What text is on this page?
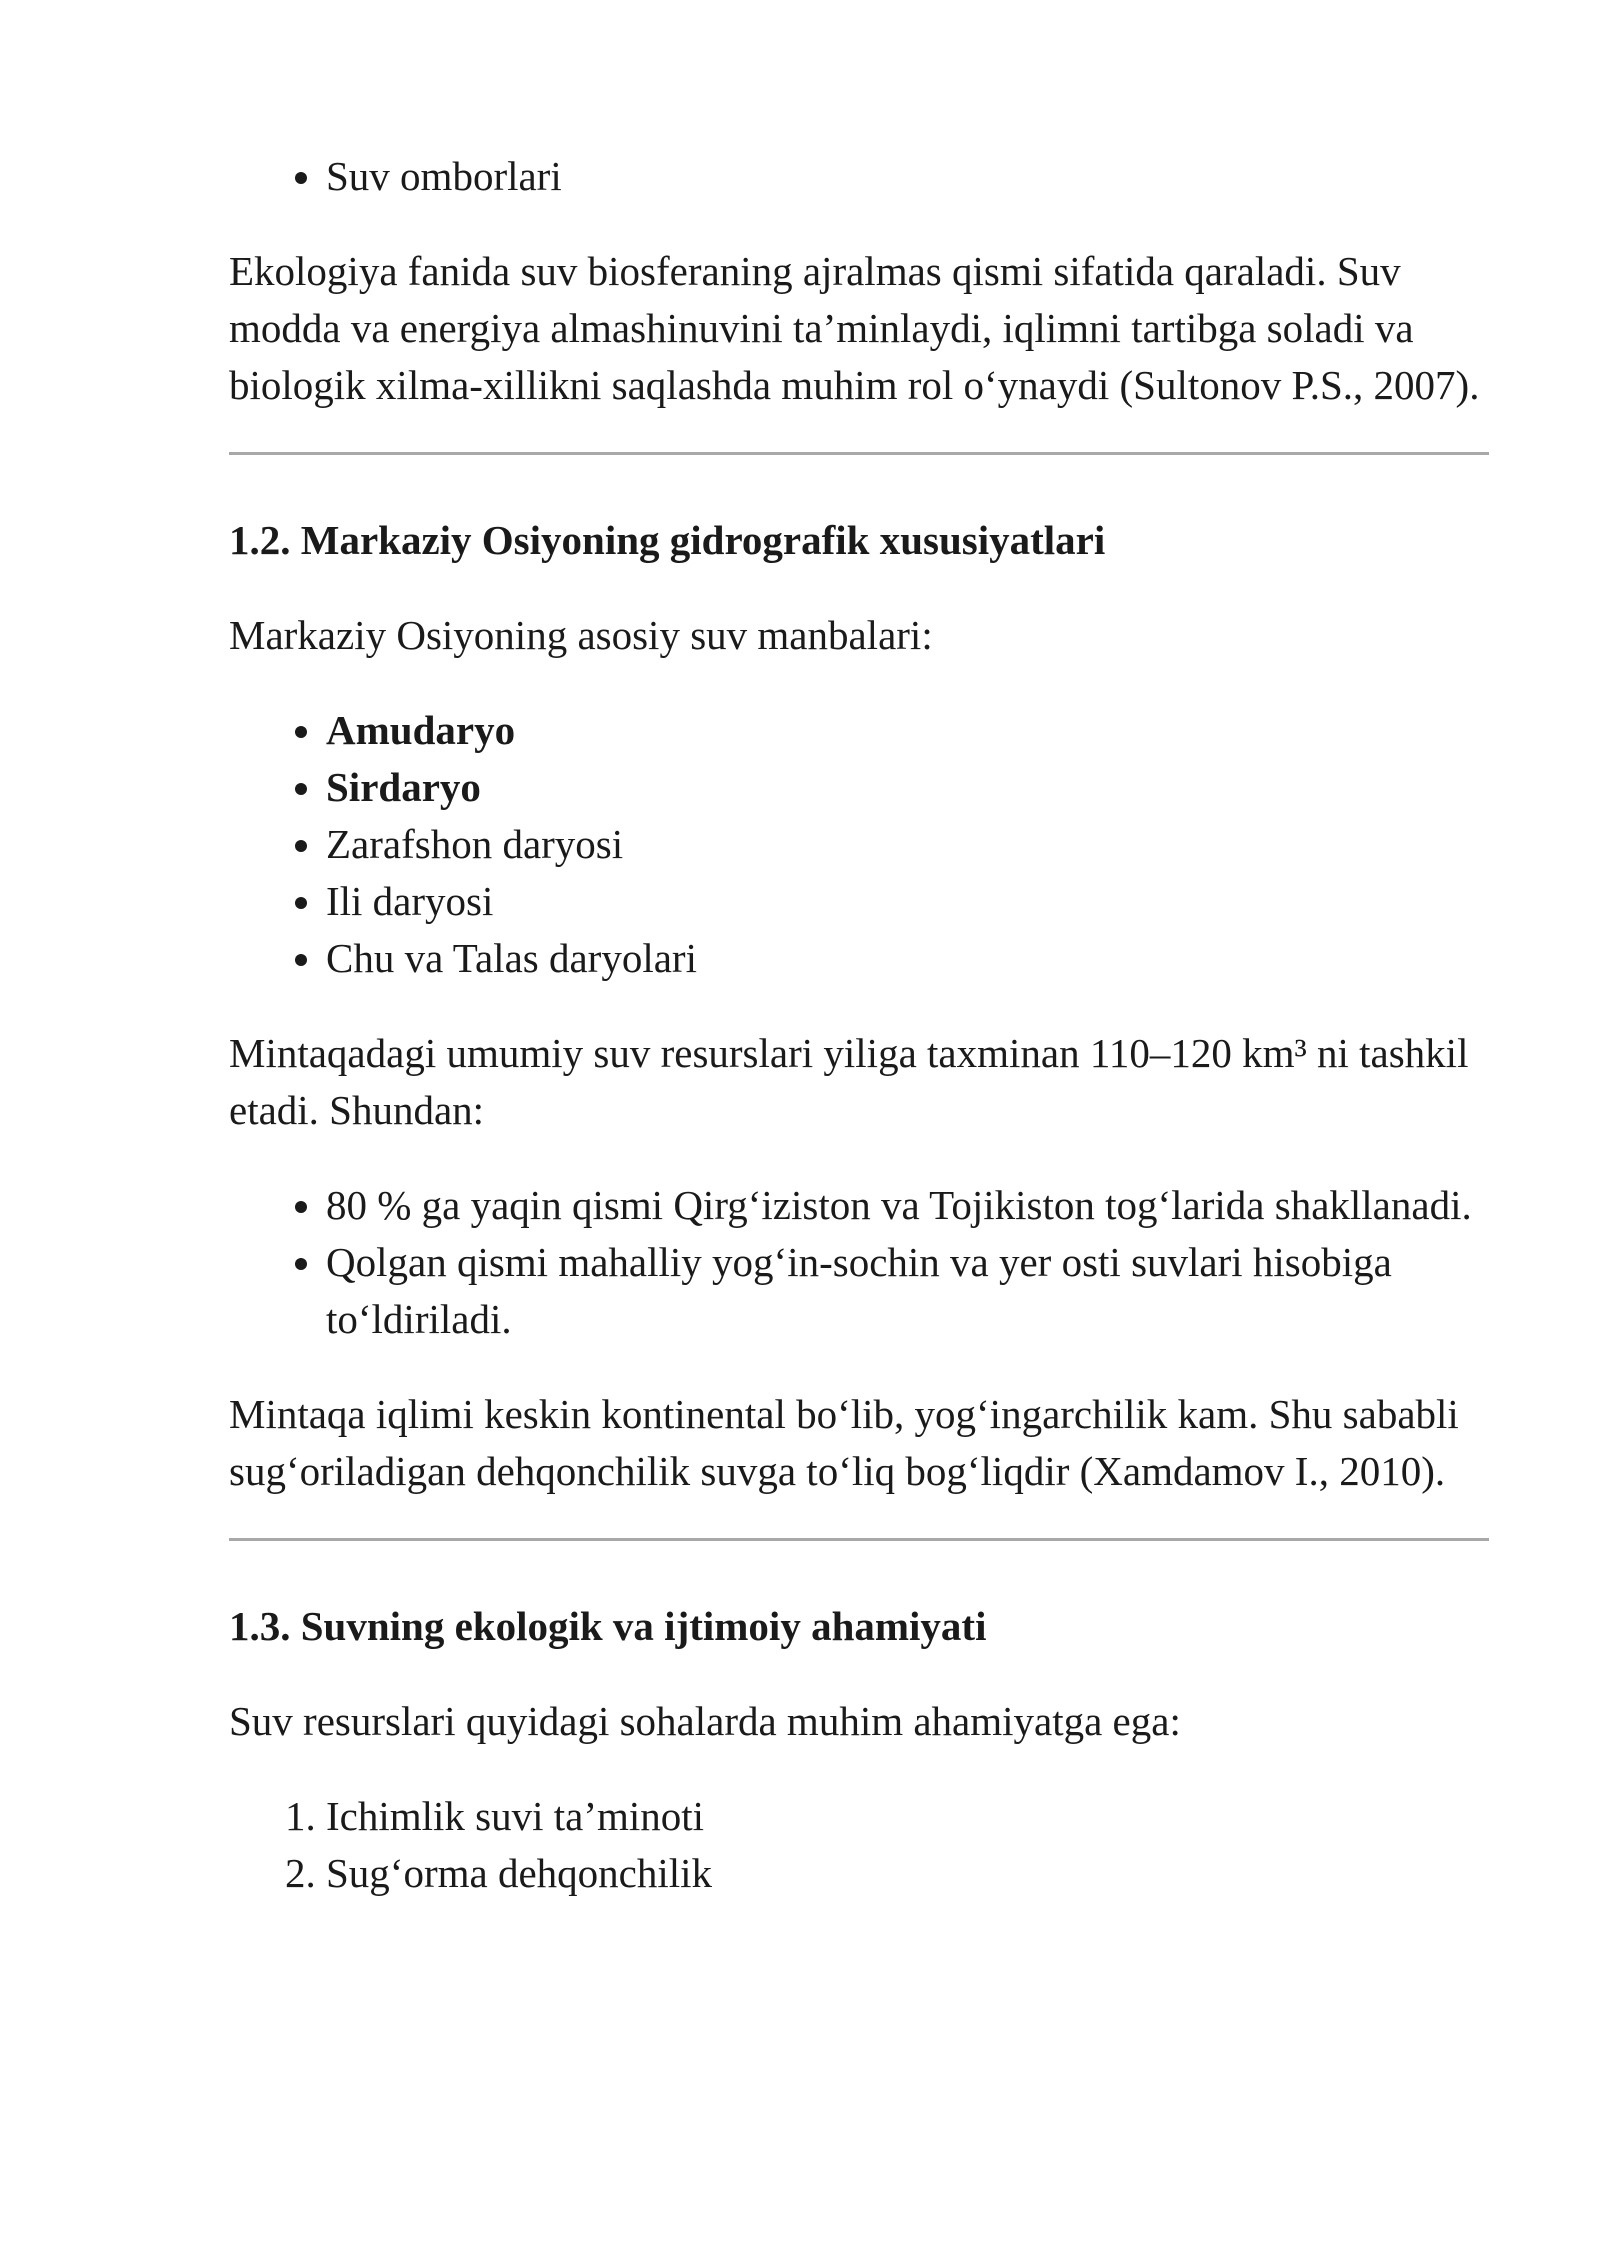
• Suv omborlari

Ekologiya fanida suv biosferaning ajralmas qismi sifatida qaraladi. Suv modda va energiya almashinuvini ta’minlaydi, iqlimni tartibga soladi va biologik xilma-xillikni saqlashda muhim rol o‘ynaydi (Sultonov P.S., 2007).

1.2. Markaziy Osiyoning gidrografik xususiyatlari

Markaziy Osiyoning asosiy suv manbalari:

• Amudaryo
• Sirdaryo
• Zarafshon daryosi
• Ili daryosi
• Chu va Talas daryolari

Mintaqadagi umumiy suv resurslari yiliga taxminan 110–120 km³ ni tashkil etadi. Shundan:

• 80 % ga yaqin qismi Qirg‘iziston va Tojikiston tog‘larida shakllanadi.
• Qolgan qismi mahalliy yog‘in-sochin va yer osti suvlari hisobiga to‘ldiriladi.

Mintaqa iqlimi keskin kontinental bo‘lib, yog‘ingarchilik kam. Shu sababli sug‘oriladigan dehqonchilik suvga to‘liq bog‘liqdir (Xamdamov I., 2010).

1.3. Suvning ekologik va ijtimoiy ahamiyati

Suv resurslari quyidagi sohalarda muhim ahamiyatga ega:

1. Ichimlik suvi ta’minoti
2. Sug‘orma dehqonchilik
